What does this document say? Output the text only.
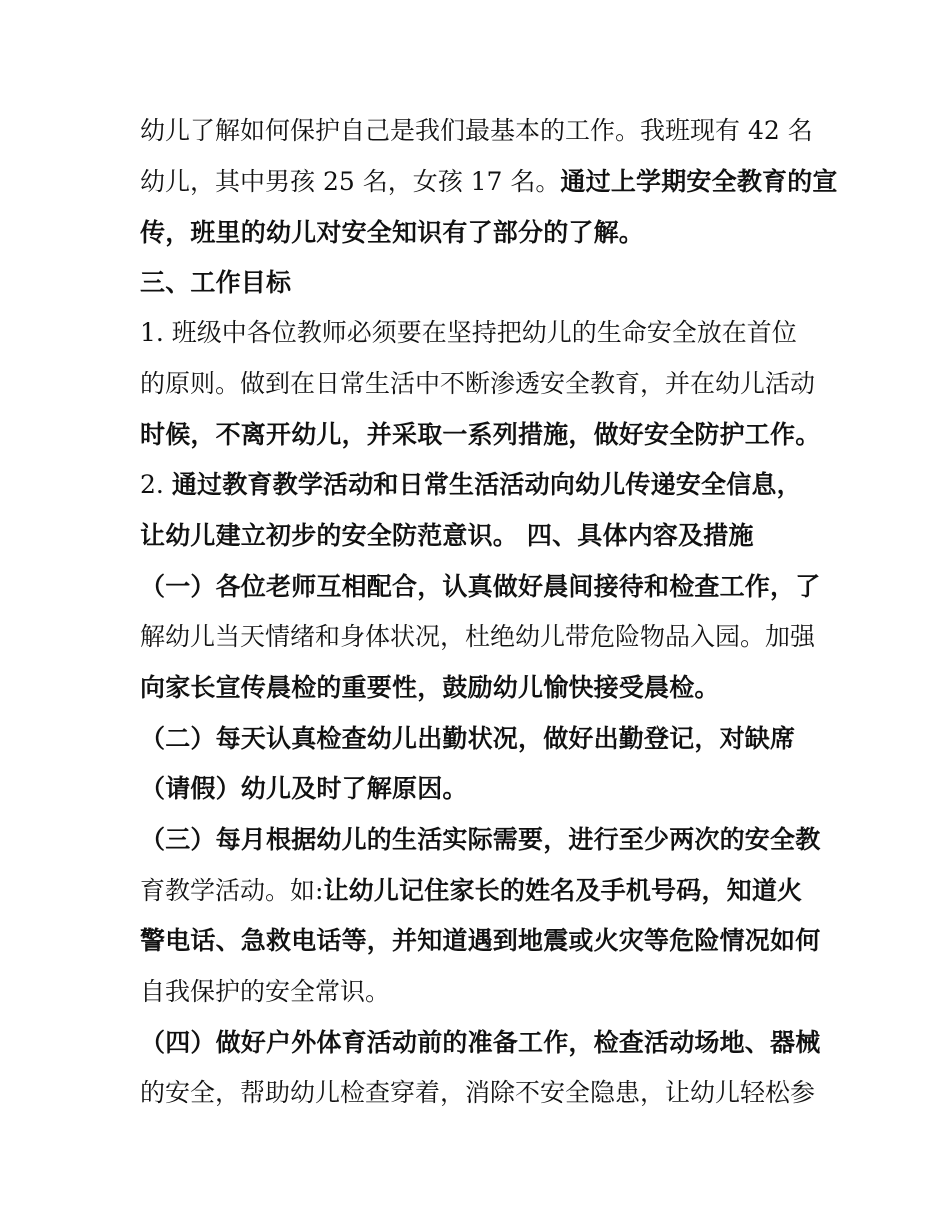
幼儿了解如何保护自己是我们最基本的工作。我班现有 42 名
幼儿，其中男孩 25 名，女孩 17 名。通过上学期安全教育的宣
传，班里的幼儿对安全知识有了部分的了解。
三、工作目标
1. 班级中各位教师必须要在坚持把幼儿的生命安全放在首位
的原则。做到在日常生活中不断渗透安全教育，并在幼儿活动
时候，不离开幼儿，并采取一系列措施，做好安全防护工作。
2. 通过教育教学活动和日常生活活动向幼儿传递安全信息，
让幼儿建立初步的安全防范意识。 四、具体内容及措施
（一）各位老师互相配合，认真做好晨间接待和检查工作，了
解幼儿当天情绪和身体状况，杜绝幼儿带危险物品入园。加强
向家长宣传晨检的重要性，鼓励幼儿愉快接受晨检。
（二）每天认真检查幼儿出勤状况，做好出勤登记，对缺席
（请假）幼儿及时了解原因。
（三）每月根据幼儿的生活实际需要，进行至少两次的安全教
育教学活动。如:让幼儿记住家长的姓名及手机号码，知道火
警电话、急救电话等，并知道遇到地震或火灾等危险情况如何
自我保护的安全常识。
（四）做好户外体育活动前的准备工作，检查活动场地、器械
的安全，帮助幼儿检查穿着，消除不安全隐患，让幼儿轻松参
